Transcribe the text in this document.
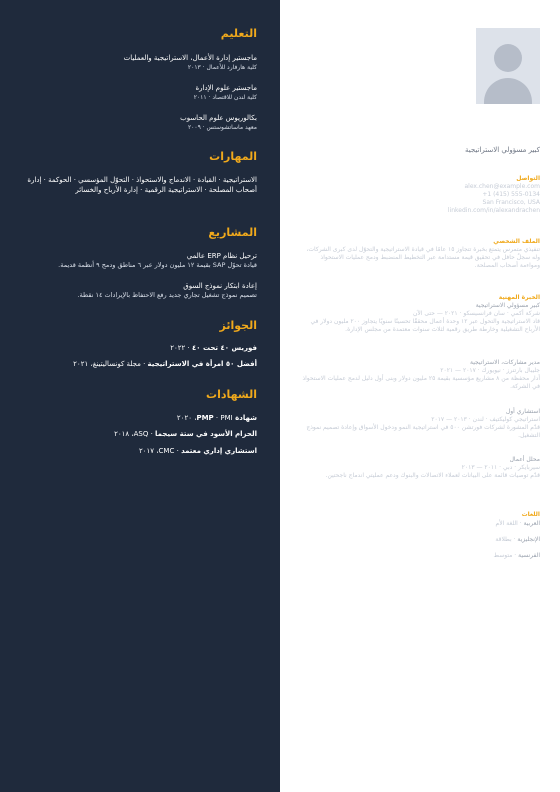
التعليم
ماجستير إدارة الأعمال، الاستراتيجية والعمليات
كلية هارفارد للأعمال · ٢٠١٣
ماجستير علوم الإدارة
كلية لندن للاقتصاد · ٢٠١١
بكالوريوس علوم الحاسوب
معهد ماساتشوستس · ٢٠٠٩
المهارات
الاستراتيجية · القيادة · الاندماج والاستحواذ · التحوّل المؤسسي · الحوكمة · إدارة أصحاب المصلحة · الاستراتيجية الرقمية · إدارة الأرباح والخسائر
المشاريع
ترحيل نظام ERP عالمي
قيادة تحوّل SAP بقيمة ١٢ مليون دولار عبر ٦ مناطق ودمج ٩ أنظمة قديمة.
إعادة ابتكار نموذج السوق
تصميم نموذج تشغيل تجاري جديد رفع الاحتفاظ بالإيرادات ١٤ نقطة.
الجوائز
فوربس ٤٠ تحت ٤٠ · ٢٠٢٢
أفضل ٥٠ امرأة في الاستراتيجية · مجلة كونساليتينغ، ٢٠٢١
الشهادات
شهادة PMP · PMI، ٢٠٢٠
الحزام الأسود في ستة سيجما · ASQ، ٢٠١٨
استشاري إداري معتمد · CMC، ٢٠١٧
كبير مسؤولي الاستراتيجية
التواصل
alex.chen@example.com
+1 (415) 555-0134
San Francisco, USA
linkedin.com/in/alexandrachen
الملف الشخصي
تنفيذي متمرس يتمتع بخبرة تتجاوز ١٥ عامًا في قيادة الاستراتيجية والتحوّل لدى كبرى الشركات، وله سجلٌ حافل في تحقيق قيمة مستدامة عبر التخطيط المنضبط ودمج عمليات الاستحواذ ومواءمة أصحاب المصلحة.
الخبرة المهنية
كبير مسؤولي الاستراتيجية
شركة أكمي · سان فرانسيسكو · ٢٠٢١ — حتى الآن
قاد الاستراتيجية والتحول عبر ١٢ وحدة أعمال محققًا تحسينًا سنويًا يتجاوز ٢٠٠ مليون دولار في الأرباح التشغيلية وخارطة طريق رقمية لثلاث سنوات معتمدة من مجلس الإدارة.
مدير مشاركات، الاستراتيجية
جليبال بارتنرز · نيويورك · ٢٠١٧ — ٢٠٢١
أدار محفظة من ٨ مشاريع مؤسسية بقيمة ٢٥ مليون دولار وبنى أول دليل لدمج عمليات الاستحواذ في الشركة.
استشاري أول
استراتيجي كوليكتيف · لندن · ٢٠١٣ — ٢٠١٧
قدّم المشورة لشركات فورتشن ٥٠٠ في استراتيجية النمو ودخول الأسواق وإعادة تصميم نموذج التشغيل.
محلل أعمال
سيربايكر · دبي · ٢٠١١ — ٢٠١٣
قدّم توصيات قائمة على البيانات لعملاء الاتصالات والبنوك ودعم عمليتي اندماج ناجحتين.
اللغات
العربية · اللغة الأم
الإنجليزية · بطلاقة
الفرنسية · متوسط
